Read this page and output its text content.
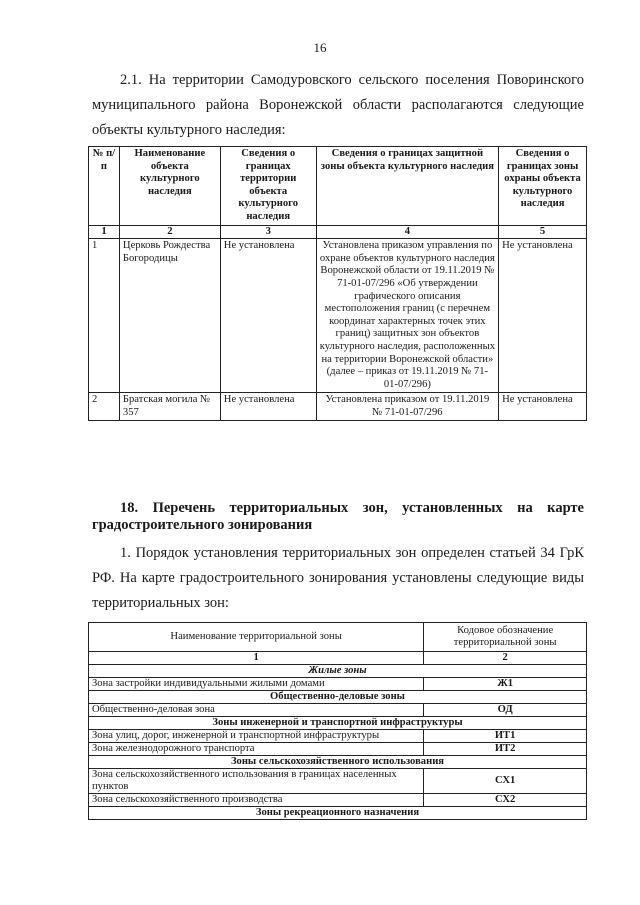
16
2.1. На территории Самодуровского сельского поселения Поворинского муниципального района Воронежской области располагаются следующие объекты культурного наследия:
№ п/п	Наименование объекта культурного наследия	Сведения о границах территории объекта культурного наследия	Сведения о границах защитной зоны объекта культурного наследия	Сведения о границах зоны охраны объекта культурного наследия
1	2	3	4	5
1	Церковь Рождества Богородицы	Не установлена	Установлена приказом управления по охране объектов культурного наследия Воронежской области от 19.11.2019 № 71-01-07/296 «Об утверждении графического описания местоположения границ (с перечнем координат характерных точек этих границ) защитных зон объектов культурного наследия, расположенных на территории Воронежской области» (далее – приказ от 19.11.2019 № 71-01-07/296)	Не установлена
2	Братская могила № 357	Не установлена	Установлена приказом от 19.11.2019 № 71-01-07/296	Не установлена
18. Перечень территориальных зон, установленных на карте градостроительного зонирования
1. Порядок установления территориальных зон определен статьей 34 ГрК РФ. На карте градостроительного зонирования установлены следующие виды территориальных зон:
Наименование территориальной зоны	Кодовое обозначение территориальной зоны
1	2
Жилые зоны	
Зона застройки индивидуальными жилыми домами	Ж1
Общественно-деловые зоны	
Общественно-деловая зона	ОД
Зоны инженерной и транспортной инфраструктуры	
Зона улиц, дорог, инженерной и транспортной инфраструктуры	ИТ1
Зона железнодорожного транспорта	ИТ2
Зоны сельскохозяйственного использования	
Зона сельскохозяйственного использования в границах населенных пунктов	СХ1
Зона сельскохозяйственного производства	СХ2
Зоны рекреационного назначения	
